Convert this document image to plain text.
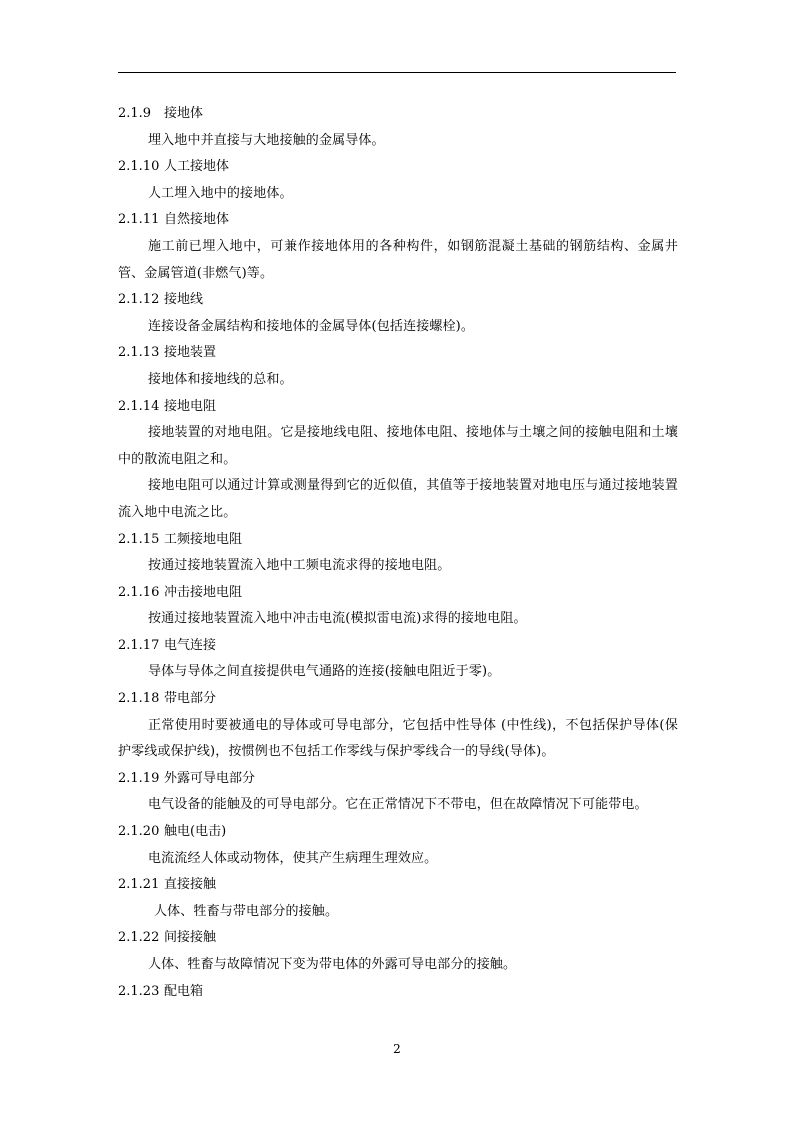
2.1.9 接地体
埋入地中并直接与大地接触的金属导体。
2.1.10 人工接地体
人工埋入地中的接地体。
2.1.11 自然接地体
施工前已埋入地中，可兼作接地体用的各种构件，如钢筋混凝土基础的钢筋结构、金属井管、金属管道(非燃气)等。
2.1.12 接地线
连接设备金属结构和接地体的金属导体(包括连接螺栓)。
2.1.13 接地装置
接地体和接地线的总和。
2.1.14 接地电阻
接地装置的对地电阻。它是接地线电阻、接地体电阻、接地体与土壤之间的接触电阻和土壤中的散流电阻之和。
接地电阻可以通过计算或测量得到它的近似值，其值等于接地装置对地电压与通过接地装置流入地中电流之比。
2.1.15 工频接地电阻
按通过接地装置流入地中工频电流求得的接地电阻。
2.1.16 冲击接地电阻
按通过接地装置流入地中冲击电流(模拟雷电流)求得的接地电阻。
2.1.17 电气连接
导体与导体之间直接提供电气通路的连接(接触电阻近于零)。
2.1.18 带电部分
正常使用时要被通电的导体或可导电部分，它包括中性导体 (中性线)，不包括保护导体(保护零线或保护线)，按惯例也不包括工作零线与保护零线合一的导线(导体)。
2.1.19 外露可导电部分
电气设备的能触及的可导电部分。它在正常情况下不带电，但在故障情况下可能带电。
2.1.20 触电(电击)
电流流经人体或动物体，使其产生病理生理效应。
2.1.21 直接接触
人体、牲畜与带电部分的接触。
2.1.22 间接接触
人体、牲畜与故障情况下变为带电体的外露可导电部分的接触。
2.1.23 配电箱
2
